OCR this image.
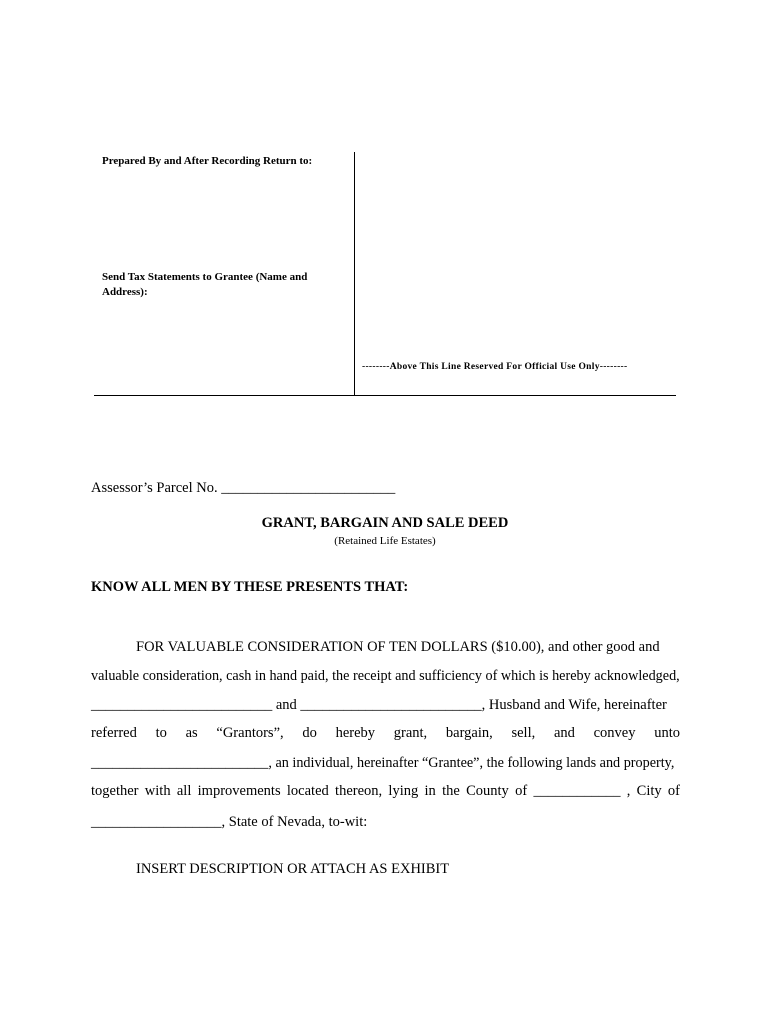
Prepared By and After Recording Return to:
Send Tax Statements to Grantee (Name and
Address):
--------Above This Line Reserved For Official Use Only--------
Assessor’s Parcel No. ________________________
GRANT, BARGAIN AND SALE DEED
(Retained Life Estates)
KNOW ALL MEN BY THESE PRESENTS THAT:
FOR VALUABLE CONSIDERATION OF TEN DOLLARS ($10.00), and other good and
valuable consideration, cash in hand paid, the receipt and sufficiency of which is hereby acknowledged,
_________________________ and _________________________, Husband and Wife, hereinafter
referred to as “Grantors”, do hereby grant, bargain, sell, and convey unto
_________________________, an individual, hereinafter “Grantee”, the following lands and property,
together with all improvements located thereon, lying in the County of ____________ , City of
__________________, State of Nevada, to-wit:
INSERT DESCRIPTION OR ATTACH AS EXHIBIT
